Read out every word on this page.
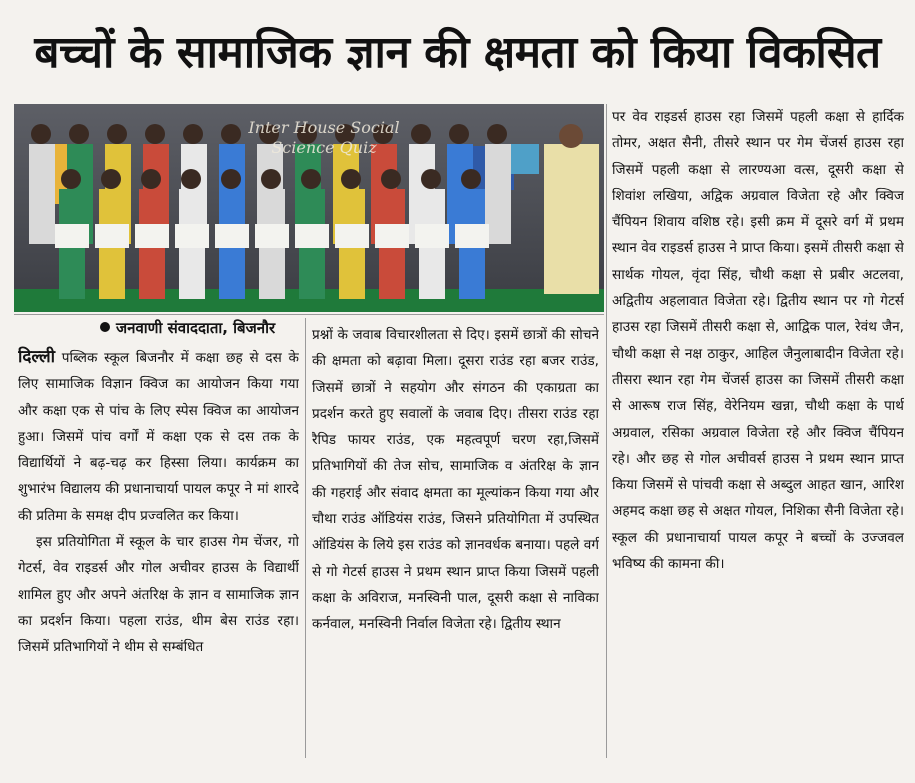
बच्चों के सामाजिक ज्ञान की क्षमता को किया विकसित
Inter House Social Science Quiz
जनवाणी संवाददाता, बिजनौर

दिल्ली पब्लिक स्कूल बिजनौर में कक्षा छह से दस के लिए सामाजिक विज्ञान क्विज का आयोजन किया गया और कक्षा एक से पांच के लिए स्पेस क्विज का आयोजन हुआ। जिसमें पांच वर्गों में कक्षा एक से दस तक के विद्यार्थियों ने बढ़-चढ़ कर हिस्सा लिया। कार्यक्रम का शुभारंभ विद्यालय की प्रधानाचार्या पायल कपूर ने मां शारदे की प्रतिमा के समक्ष दीप प्रज्वलित कर किया।

इस प्रतियोगिता में स्कूल के चार हाउस गेम चेंजर, गो गेटर्स, वेव राइडर्स और गोल अचीवर हाउस के विद्यार्थी शामिल हुए और अपने अंतरिक्ष के ज्ञान व सामाजिक ज्ञान का प्रदर्शन किया। पहला राउंड, थीम बेस राउंड रहा। जिसमें प्रतिभागियों ने थीम से सम्बंधित

प्रश्नों के जवाब विचारशीलता से दिए। इसमें छात्रों की सोचने की क्षमता को बढ़ावा मिला। दूसरा राउंड रहा बजर राउंड, जिसमें छात्रों ने सहयोग और संगठन की एकाग्रता का प्रदर्शन करते हुए सवालों के जवाब दिए। तीसरा राउंड रहा रैपिड फायर राउंड, एक महत्वपूर्ण चरण रहा,जिसमें प्रतिभागियों की तेज सोच, सामाजिक व अंतरिक्ष के ज्ञान की गहराई और संवाद क्षमता का मूल्यांकन किया गया और चौथा राउंड ऑडियंस राउंड, जिसने प्रतियोगिता में उपस्थित ऑडियंस के लिये इस राउंड को ज्ञानवर्धक बनाया। पहले वर्ग से गो गेटर्स हाउस ने प्रथम स्थान प्राप्त किया जिसमें पहली कक्षा के अविराज, मनस्विनी पाल, दूसरी कक्षा से नाविका कर्नवाल, मनस्विनी निर्वाल विजेता रहे। द्वितीय स्थान

पर वेव राइडर्स हाउस रहा जिसमें पहली कक्षा से हार्दिक तोमर, अक्षत सैनी, तीसरे स्थान पर गेम चेंजर्स हाउस रहा जिसमें पहली कक्षा से लारण्यआ वत्स, दूसरी कक्षा से शिवांश लखिया, अद्विक अग्रवाल विजेता रहे और क्विज चैंपियन शिवाय वशिष्ठ रहे। इसी क्रम में दूसरे वर्ग में प्रथम स्थान वेव राइडर्स हाउस ने प्राप्त किया। इसमें तीसरी कक्षा से सार्थक गोयल, वृंदा सिंह, चौथी कक्षा से प्रबीर अटलवा, अद्वितीय अहलावात विजेता रहे। द्वितीय स्थान पर गो गेटर्स हाउस रहा जिसमें तीसरी कक्षा से, आद्विक पाल, रेवंथ जैन, चौथी कक्षा से नक्ष ठाकुर, आहिल जैनुलाबादीन विजेता रहे। तीसरा स्थान रहा गेम चेंजर्स हाउस का जिसमें तीसरी कक्षा से आरूष राज सिंह, वेरेनियम खन्ना, चौथी कक्षा के पार्थ अग्रवाल, रसिका अग्रवाल विजेता रहे और क्विज चैंपियन रहे। और छह से गोल अचीवर्स हाउस ने प्रथम स्थान प्राप्त किया जिसमें से पांचवी कक्षा से अब्दुल आहत खान, आरिश अहमद कक्षा छह से अक्षत गोयल, निशिका सैनी विजेता रहे। स्कूल की प्रधानाचार्या पायल कपूर ने बच्चों के उज्जवल भविष्य की कामना की।
